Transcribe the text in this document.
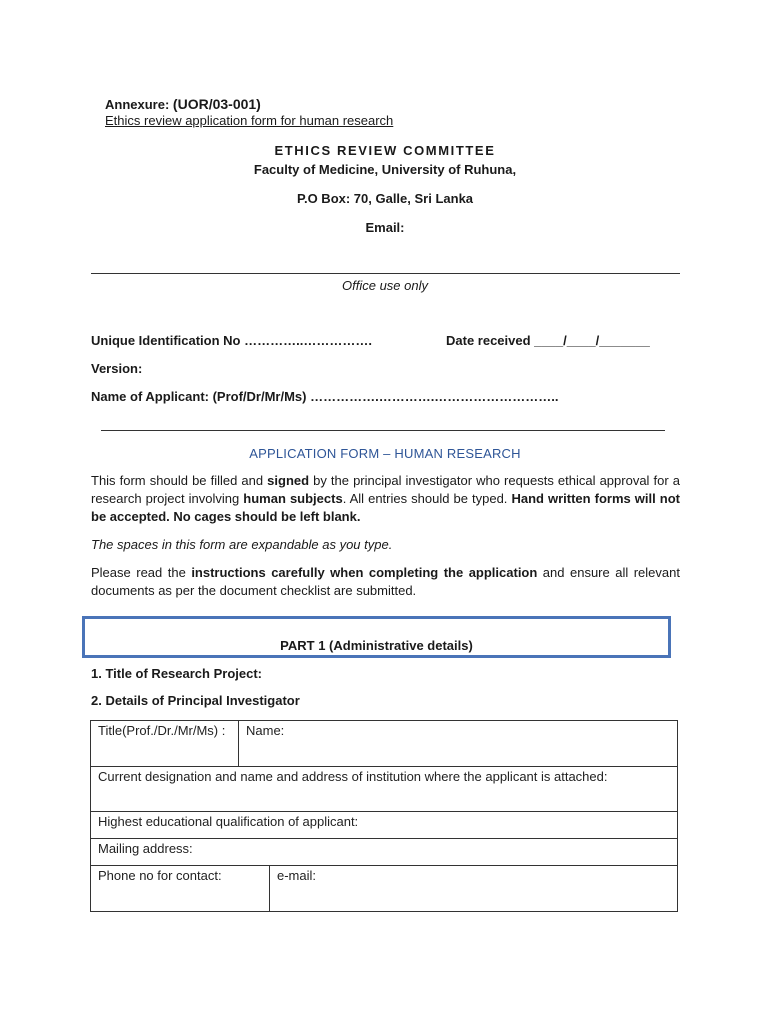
Annexure: (UOR/03-001)
Ethics review application form for human research
ETHICS REVIEW COMMITTEE
Faculty of Medicine, University of Ruhuna,
P.O Box: 70, Galle, Sri Lanka
Email:
Office use only
Unique Identification No …………..…………….	Date received ____/____/_______
Version:
Name of Applicant: (Prof/Dr/Mr/Ms) …………….………….………………………..
APPLICATION FORM – HUMAN RESEARCH
This form should be filled and signed by the principal investigator who requests ethical approval for a research project involving human subjects. All entries should be typed. Hand written forms will not be accepted. No cages should be left blank.
The spaces in this form are expandable as you type.
Please read the instructions carefully when completing the application and ensure all relevant documents as per the document checklist are submitted.
PART 1 (Administrative details)
1. Title of Research Project:
2. Details of Principal Investigator
Title(Prof./Dr./Mr/Ms) :	Name:	
Current designation and name and address of institution where the applicant is attached:		
Highest educational qualification of applicant:		
Mailing address:		
Phone no for contact:		e-mail:
